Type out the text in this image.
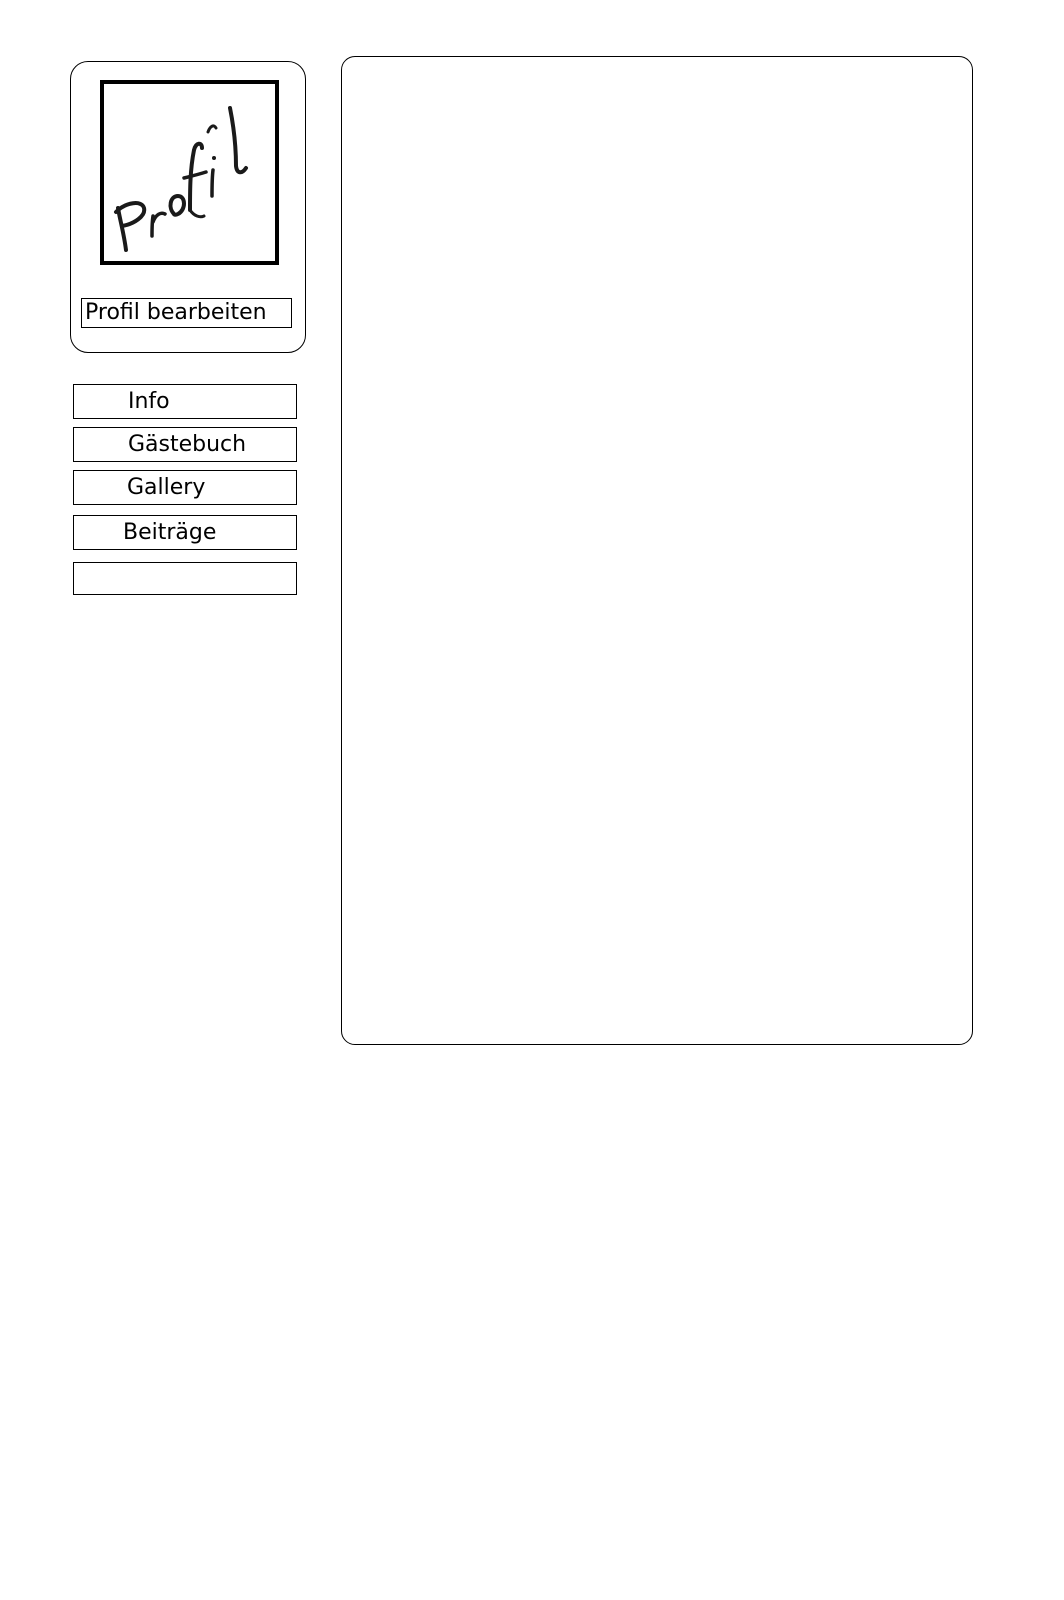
Profil bearbeiten
Info
Gästebuch
Gallery
Beiträge
